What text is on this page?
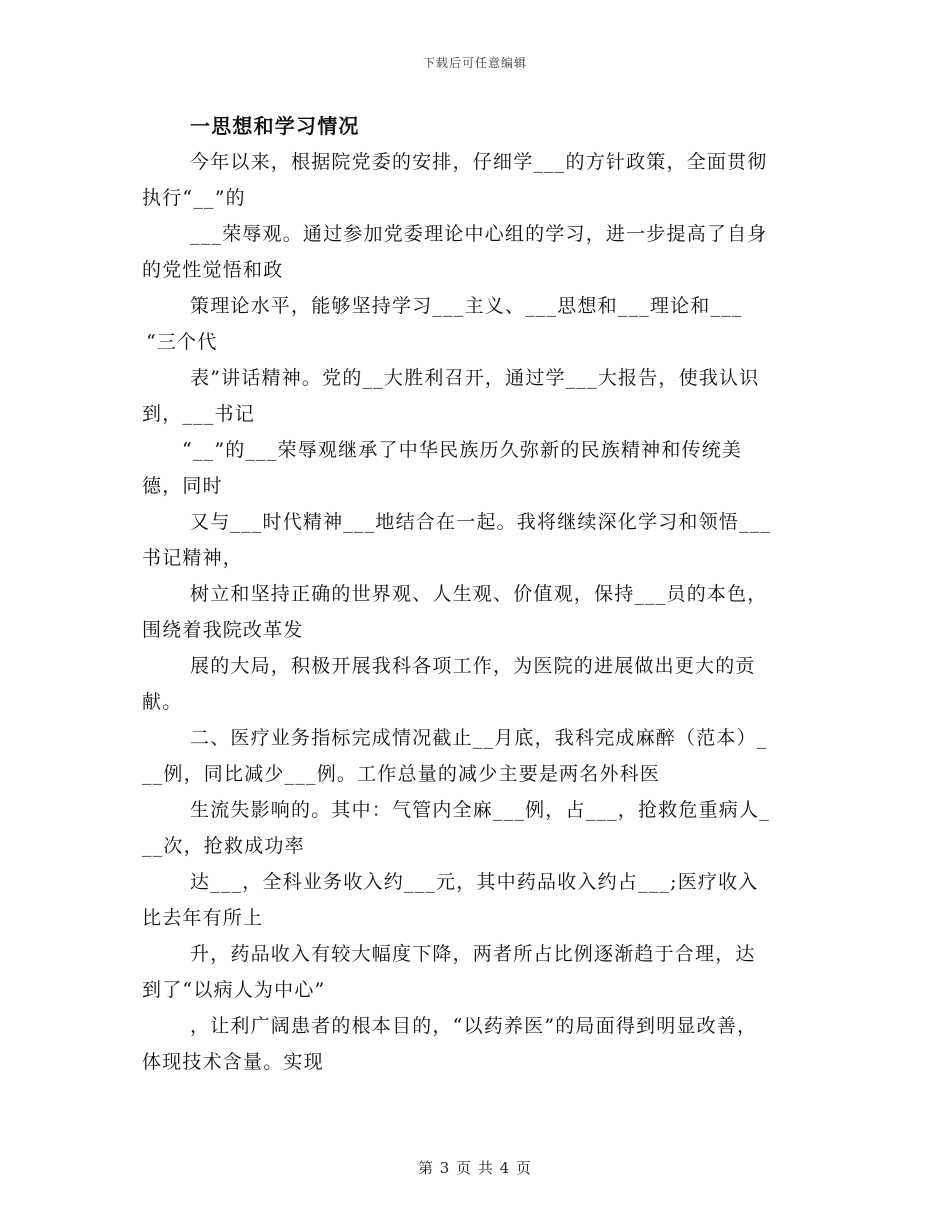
下载后可任意编辑
一思想和学习情况
今年以来，根据院党委的安排，仔细学___的方针政策，全面贯彻
执行“__”的
___荣辱观。通过参加党委理论中心组的学习，进一步提高了自身
的党性觉悟和政
策理论水平，能够坚持学习___主义、___思想和___理论和___
“三个代
表”讲话精神。党的__大胜利召开，通过学___大报告，使我认识
到，___书记
“__”的___荣辱观继承了中华民族历久弥新的民族精神和传统美
德，同时
又与___时代精神___地结合在一起。我将继续深化学习和领悟___
书记精神，
树立和坚持正确的世界观、人生观、价值观，保持___员的本色，
围绕着我院改革发
展的大局，积极开展我科各项工作，为医院的进展做出更大的贡
献。
二、医疗业务指标完成情况截止__月底，我科完成麻醉（范本）_
__例，同比减少___例。工作总量的减少主要是两名外科医
生流失影响的。其中：气管内全麻___例，占___，抢救危重病人_
__次，抢救成功率
达___，全科业务收入约___元，其中药品收入约占___;医疗收入
比去年有所上
升，药品收入有较大幅度下降，两者所占比例逐渐趋于合理，达
到了“以病人为中心”
，让利广阔患者的根本目的，“以药养医”的局面得到明显改善，
体现技术含量。实现
第 3 页 共 4 页
